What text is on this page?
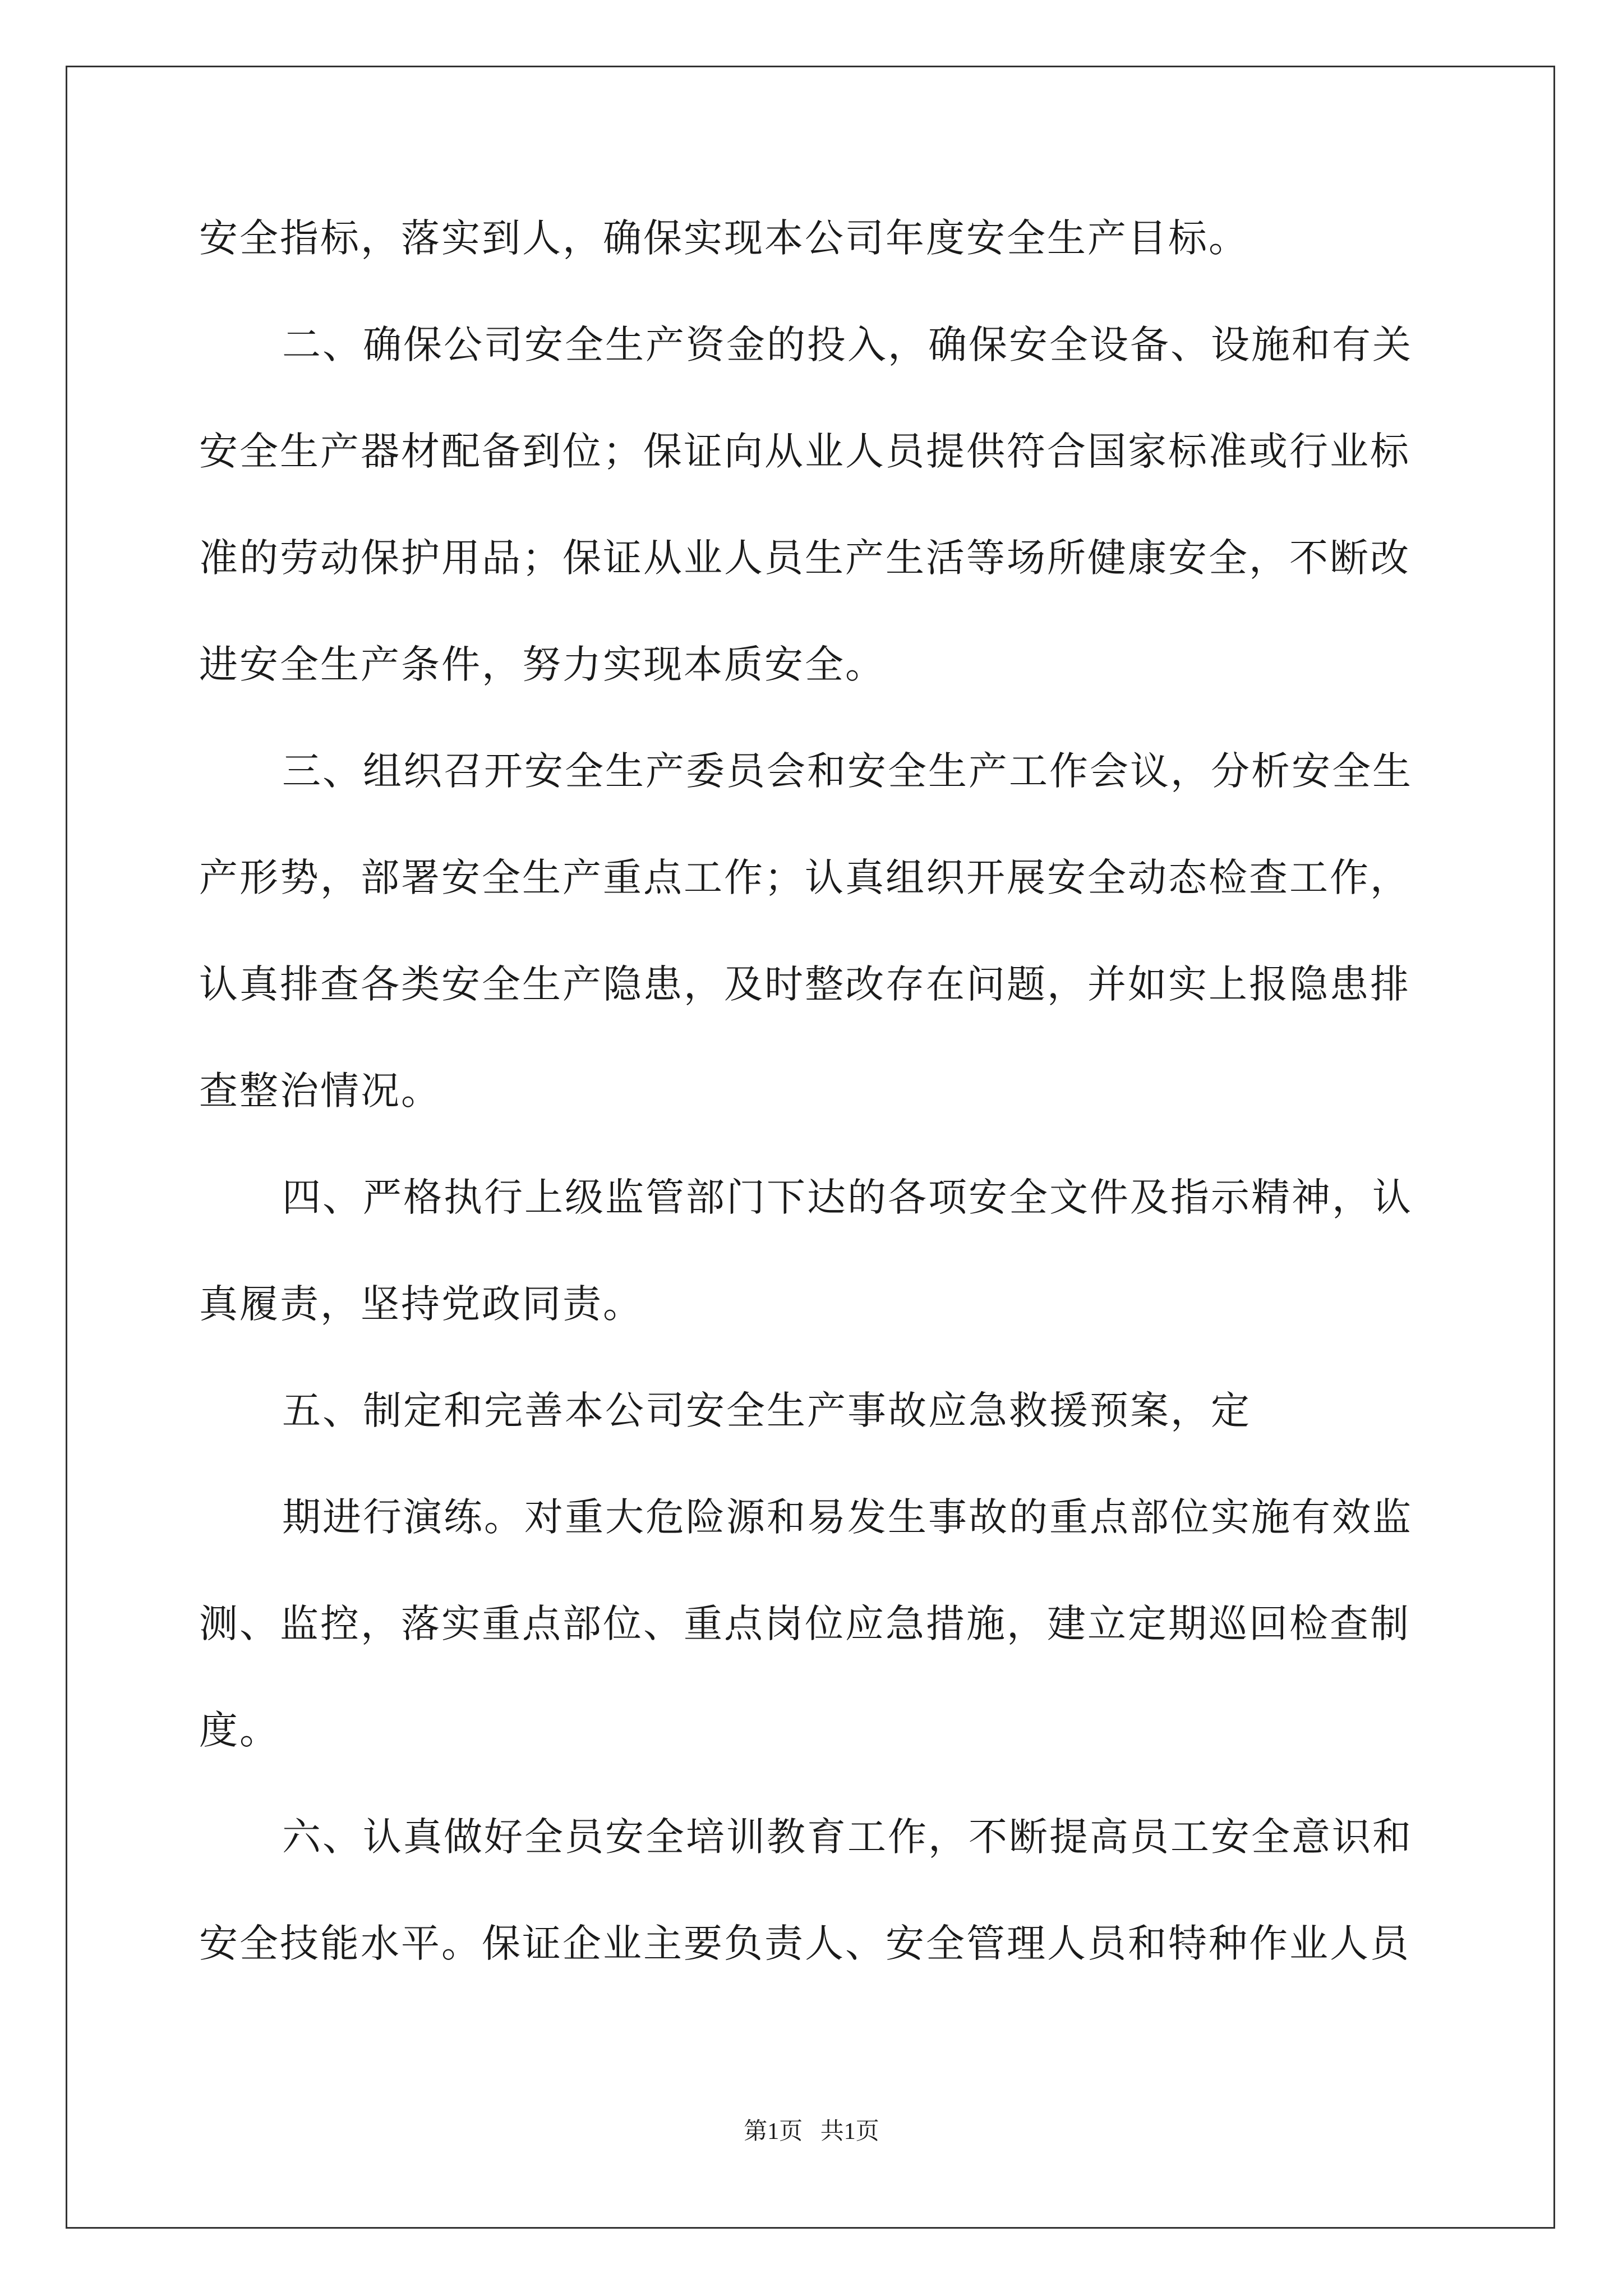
安全指标，落实到人，确保实现本公司年度安全生产目标。
二、确保公司安全生产资金的投入，确保安全设备、设施和有关
安全生产器材配备到位；保证向从业人员提供符合国家标准或行业标
准的劳动保护用品；保证从业人员生产生活等场所健康安全，不断改
进安全生产条件，努力实现本质安全。
三、组织召开安全生产委员会和安全生产工作会议，分析安全生
产形势，部署安全生产重点工作；认真组织开展安全动态检查工作，
认真排查各类安全生产隐患，及时整改存在问题，并如实上报隐患排
查整治情况。
四、严格执行上级监管部门下达的各项安全文件及指示精神，认
真履责，坚持党政同责。
五、制定和完善本公司安全生产事故应急救援预案，定
期进行演练。对重大危险源和易发生事故的重点部位实施有效监
测、监控，落实重点部位、重点岗位应急措施，建立定期巡回检查制
度。
六、认真做好全员安全培训教育工作，不断提高员工安全意识和
安全技能水平。保证企业主要负责人、安全管理人员和特种作业人员
第1页   共1页
